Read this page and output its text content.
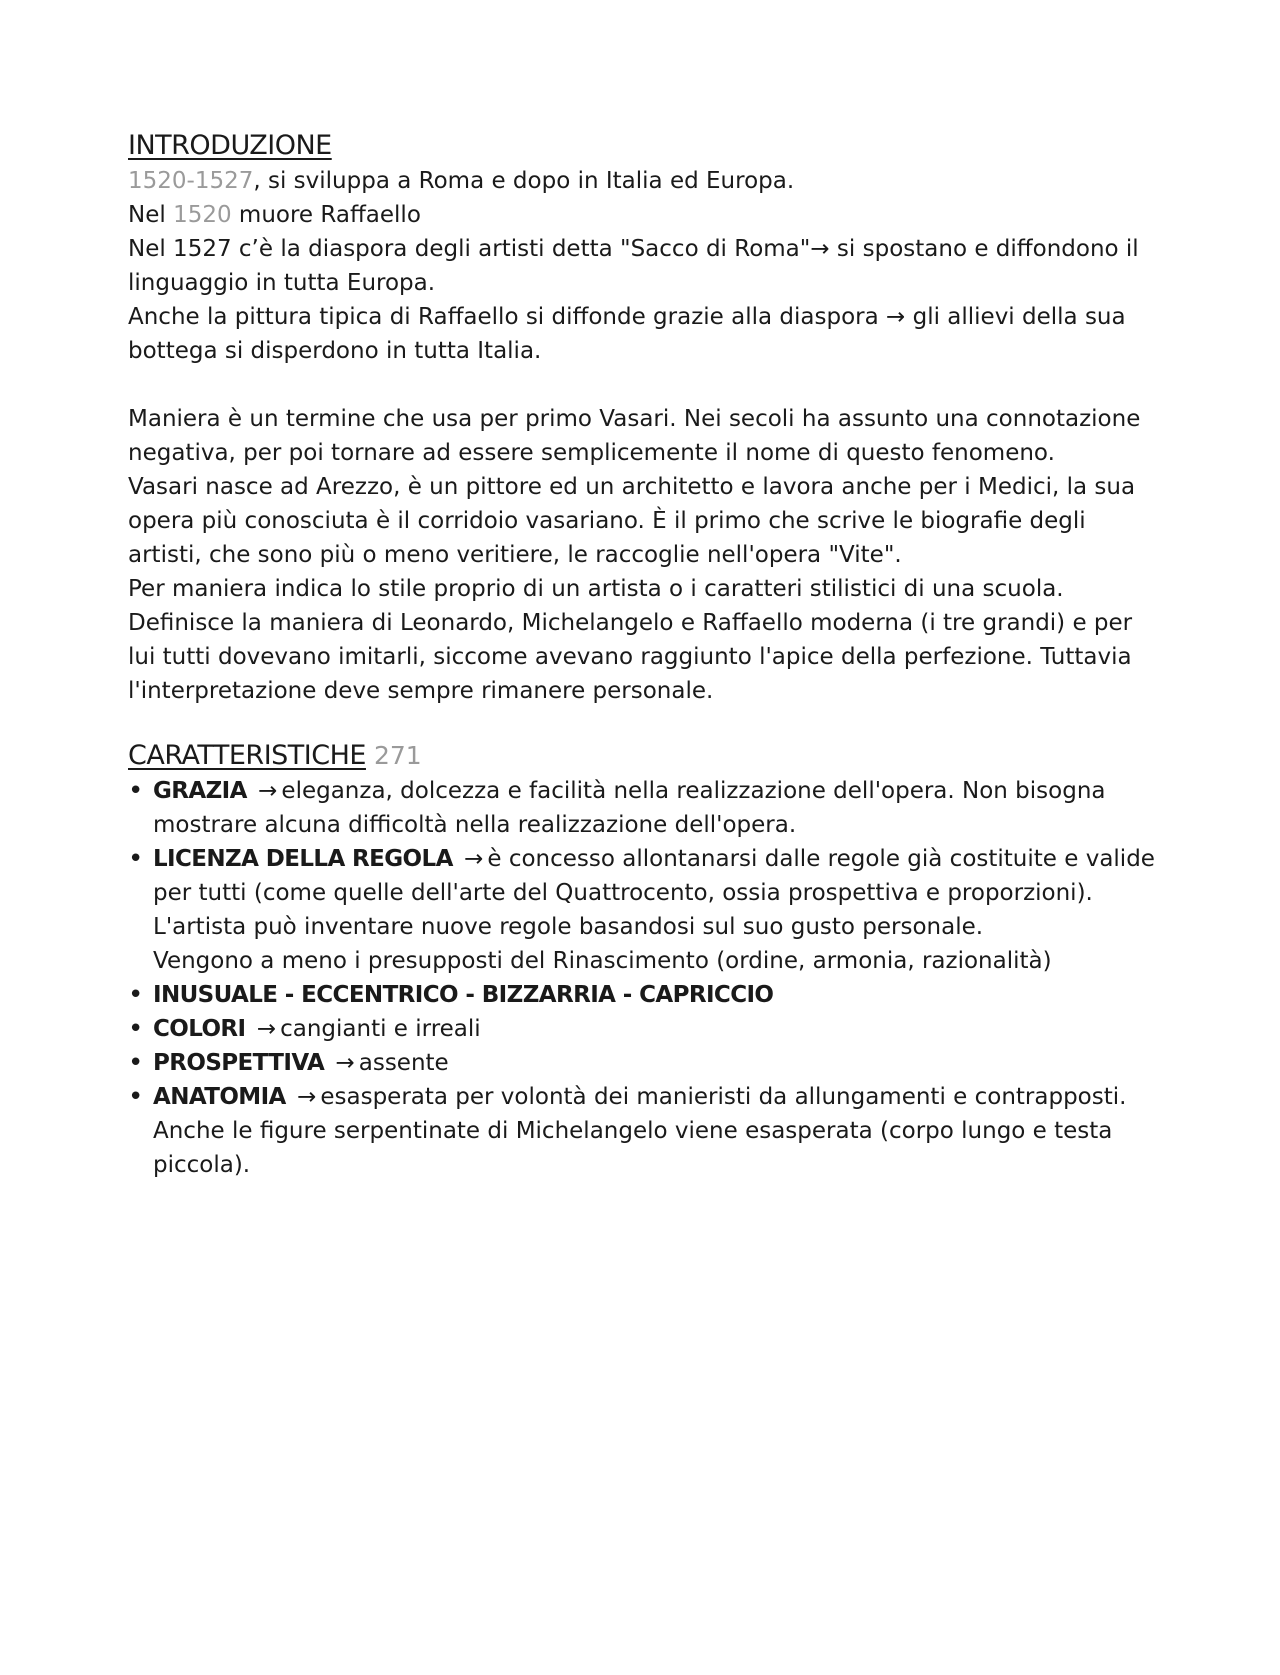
INTRODUZIONE

1520-1527, si sviluppa a Roma e dopo in Italia ed Europa.

Nel 1520 muore Raffaello

Nel 1527 c’è la diaspora degli artisti detta "Sacco di Roma"→ si spostano e diffondono il linguaggio in tutta Europa.

Anche la pittura tipica di Raffaello si diffonde grazie alla diaspora → gli allievi della sua bottega si disperdono in tutta Italia.

Maniera è un termine che usa per primo Vasari. Nei secoli ha assunto una connotazione negativa, per poi tornare ad essere semplicemente il nome di questo fenomeno.

Vasari nasce ad Arezzo, è un pittore ed un architetto e lavora anche per i Medici, la sua opera più conosciuta è il corridoio vasariano. È il primo che scrive le biografie degli artisti, che sono più o meno veritiere, le raccoglie nell'opera "Vite".

Per maniera indica lo stile proprio di un artista o i caratteri stilistici di una scuola.

Definisce la maniera di Leonardo, Michelangelo e Raffaello moderna (i tre grandi) e per lui tutti dovevano imitarli, siccome avevano raggiunto l'apice della perfezione. Tuttavia l'interpretazione deve sempre rimanere personale.

CARATTERISTICHE 271
• GRAZIA → eleganza, dolcezza e facilità nella realizzazione dell'opera. Non bisogna mostrare alcuna difficoltà nella realizzazione dell'opera.
• LICENZA DELLA REGOLA → è concesso allontanarsi dalle regole già costituite e valide per tutti (come quelle dell'arte del Quattrocento, ossia prospettiva e proporzioni).
L'artista può inventare nuove regole basandosi sul suo gusto personale.
Vengono a meno i presupposti del Rinascimento (ordine, armonia, razionalità)
• INUSUALE - ECCENTRICO - BIZZARRIA - CAPRICCIO
• COLORI → cangianti e irreali
• PROSPETTIVA → assente
• ANATOMIA → esasperata per volontà dei manieristi da allungamenti e contrapposti.
Anche le figure serpentinate di Michelangelo viene esasperata (corpo lungo e testa piccola).
